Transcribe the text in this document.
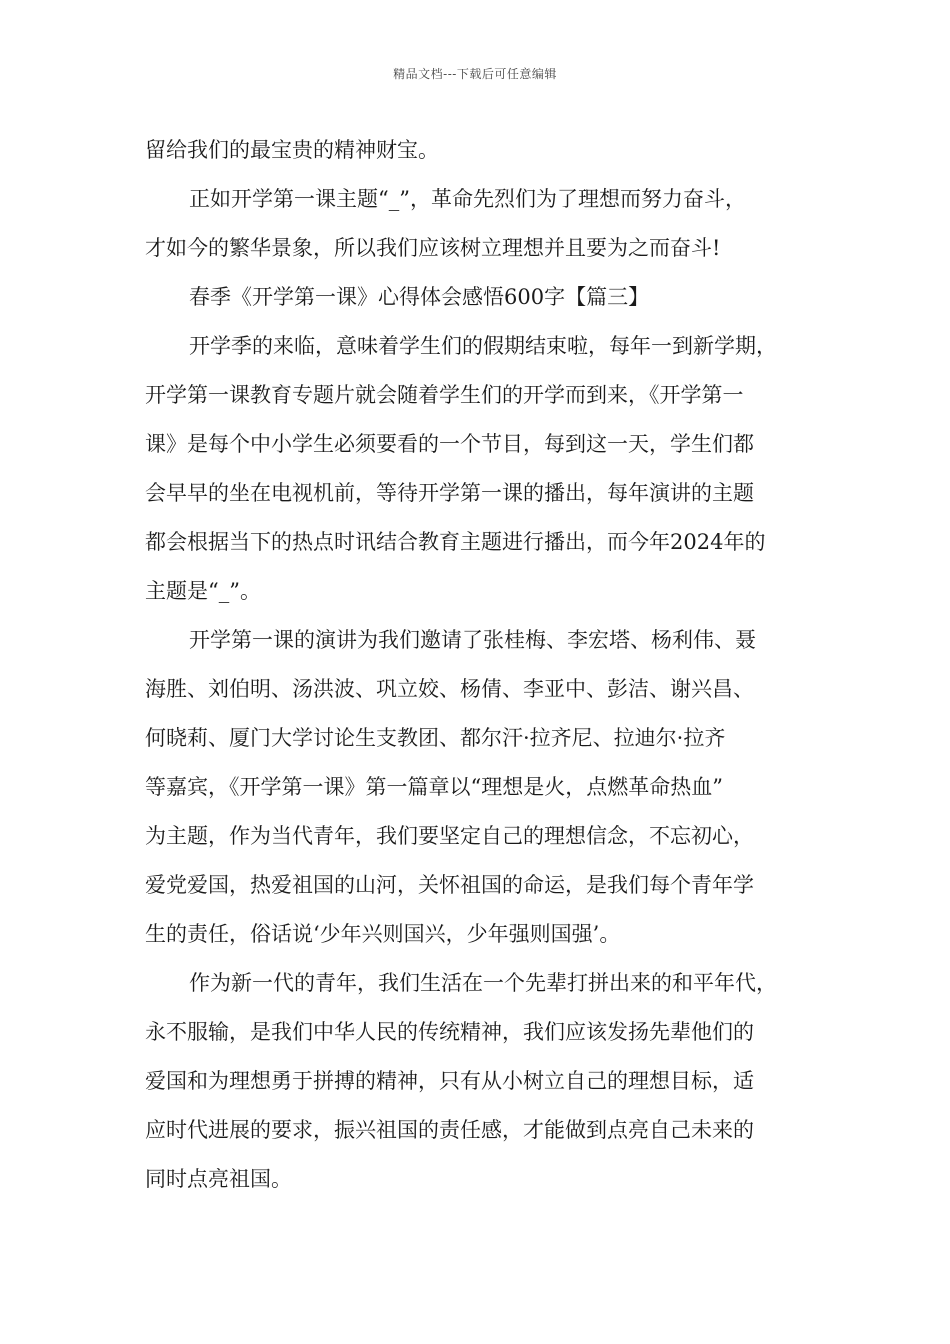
精品文档---下载后可任意编辑
留给我们的最宝贵的精神财宝。
正如开学第一课主题“_”，革命先烈们为了理想而努力奋斗，
才如今的繁华景象，所以我们应该树立理想并且要为之而奋斗!
春季《开学第一课》心得体会感悟600字【篇三】
开学季的来临，意味着学生们的假期结束啦，每年一到新学期，
开学第一课教育专题片就会随着学生们的开学而到来，《开学第一
课》是每个中小学生必须要看的一个节目，每到这一天，学生们都
会早早的坐在电视机前，等待开学第一课的播出，每年演讲的主题
都会根据当下的热点时讯结合教育主题进行播出，而今年2024年的
主题是“_”。
开学第一课的演讲为我们邀请了张桂梅、李宏塔、杨利伟、聂
海胜、刘伯明、汤洪波、巩立姣、杨倩、李亚中、彭洁、谢兴昌、
何晓莉、厦门大学讨论生支教团、都尔汗·拉齐尼、拉迪尔·拉齐
等嘉宾，《开学第一课》第一篇章以“理想是火，点燃革命热血”
为主题，作为当代青年，我们要坚定自己的理想信念，不忘初心，
爱党爱国，热爱祖国的山河，关怀祖国的命运，是我们每个青年学
生的责任，俗话说‘少年兴则国兴，少年强则国强’。
作为新一代的青年，我们生活在一个先辈打拼出来的和平年代，
永不服输，是我们中华人民的传统精神，我们应该发扬先辈他们的
爱国和为理想勇于拼搏的精神，只有从小树立自己的理想目标，适
应时代进展的要求，振兴祖国的责任感，才能做到点亮自己未来的
同时点亮祖国。
